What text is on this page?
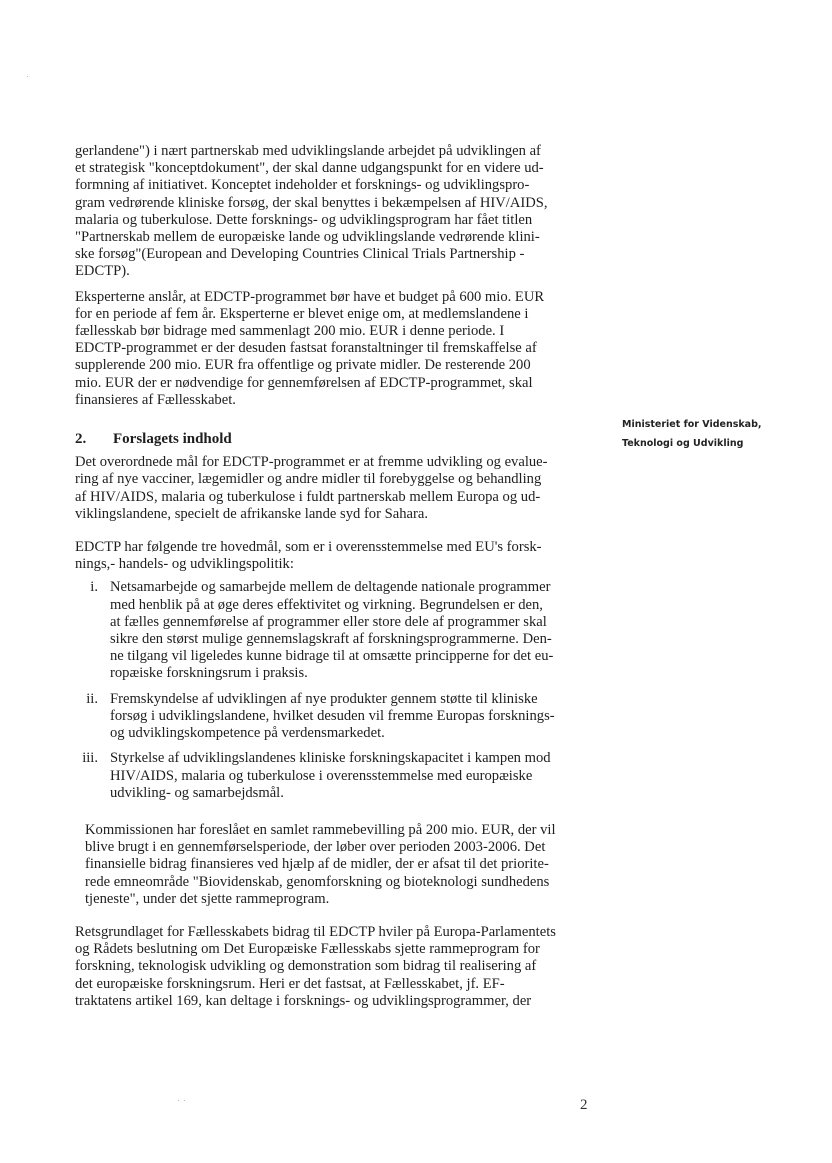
gerlandene") i nært partnerskab med udviklingslande arbejdet på udviklingen af
et strategisk "konceptdokument", der skal danne udgangspunkt for en videre ud-
formning af initiativet. Konceptet indeholder et forsknings- og udviklingspro-
gram vedrørende kliniske forsøg, der skal benyttes i bekæmpelsen af HIV/AIDS,
malaria og tuberkulose. Dette forsknings- og udviklingsprogram har fået titlen
"Partnerskab mellem de europæiske lande og udviklingslande vedrørende klini-
ske forsøg"(European and Developing Countries Clinical Trials Partnership -
EDCTP).

Eksperterne anslår, at EDCTP-programmet bør have et budget på 600 mio. EUR
for en periode af fem år. Eksperterne er blevet enige om, at medlemslandene i
fællesskab bør bidrage med sammenlagt 200 mio. EUR i denne periode. I
EDCTP-programmet er der desuden fastsat foranstaltninger til fremskaffelse af
supplerende 200 mio. EUR fra offentlige og private midler. De resterende 200
mio. EUR der er nødvendige for gennemførelsen af EDCTP-programmet, skal
finansieres af Fællesskabet.

2.	Forslagets indhold

Det overordnede mål for EDCTP-programmet er at fremme udvikling og evalue-
ring af nye vacciner, lægemidler og andre midler til forebyggelse og behandling
af HIV/AIDS, malaria og tuberkulose i fuldt partnerskab mellem Europa og ud-
viklingslandene, specielt de afrikanske lande syd for Sahara.

EDCTP har følgende tre hovedmål, som er i overensstemmelse med EU's forsk-
nings,- handels- og udviklingspolitik:

i. Netsamarbejde og samarbejde mellem de deltagende nationale programmer
med henblik på at øge deres effektivitet og virkning. Begrundelsen er den,
at fælles gennemførelse af programmer eller store dele af programmer skal
sikre den størst mulige gennemslagskraft af forskningsprogrammerne. Den-
ne tilgang vil ligeledes kunne bidrage til at omsætte principperne for det eu-
ropæiske forskningsrum i praksis.
ii. Fremskyndelse af udviklingen af nye produkter gennem støtte til kliniske
forsøg i udviklingslandene, hvilket desuden vil fremme Europas forsknings-
og udviklingskompetence på verdensmarkedet.
iii. Styrkelse af udviklingslandenes kliniske forskningskapacitet i kampen mod
HIV/AIDS, malaria og tuberkulose i overensstemmelse med europæiske
udvikling- og samarbejdsmål.

Kommissionen har foreslået en samlet rammebevilling på 200 mio. EUR, der vil
blive brugt i en gennemførselsperiode, der løber over perioden 2003-2006. Det
finansielle bidrag finansieres ved hjælp af de midler, der er afsat til det priorite-
rede emneområde "Biovidenskab, genomforskning og bioteknologi sundhedens
tjeneste", under det sjette rammeprogram.

Retsgrundlaget for Fællesskabets bidrag til EDCTP hviler på Europa-Parlamentets
og Rådets beslutning om Det Europæiske Fællesskabs sjette rammeprogram for
forskning, teknologisk udvikling og demonstration som bidrag til realisering af
det europæiske forskningsrum. Heri er det fastsat, at Fællesskabet, jf. EF-
traktatens artikel 169, kan deltage i forsknings- og udviklingsprogrammer, der

Ministeriet for Videnskab,
Teknologi og Udvikling
2
